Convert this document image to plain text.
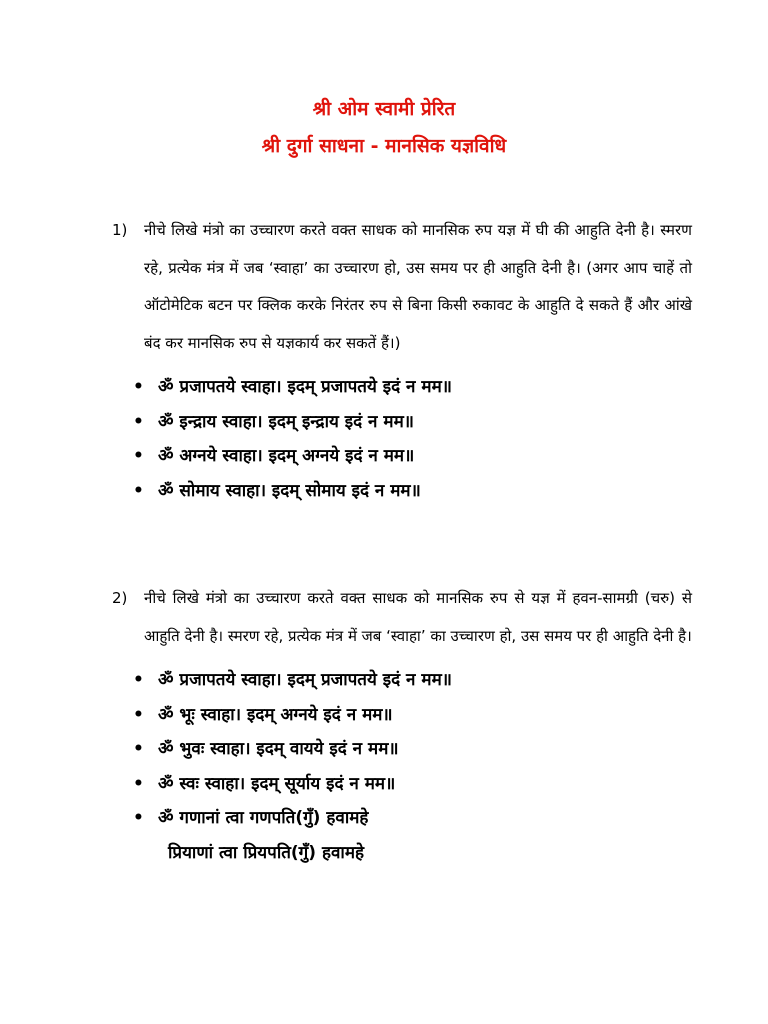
श्री ओम स्वामी प्रेरित
श्री दुर्गा साधना - मानसिक यज्ञविधि
1) नीचे लिखे मंत्रो का उच्चारण करते वक्त साधक को मानसिक रुप यज्ञ में घी की आहुति देनी है। स्मरण रहे, प्रत्येक मंत्र में जब ‘स्वाहा’ का उच्चारण हो, उस समय पर ही आहुति देनी है। (अगर आप चाहें तो ऑटोमेटिक बटन पर क्लिक करके निरंतर रुप से बिना किसी रुकावट के आहुति दे सकते हैं और आंखे बंद कर मानसिक रुप से यज्ञकार्य कर सकतें हैं।)

• ॐ प्रजापतये स्वाहा। इदम् प्रजापतये इदं न मम॥
• ॐ इन्द्राय स्वाहा। इदम् इन्द्राय इदं न मम॥
• ॐ अग्नये स्वाहा। इदम् अग्नये इदं न मम॥
• ॐ सोमाय स्वाहा। इदम् सोमाय इदं न मम॥
2) नीचे लिखे मंत्रो का उच्चारण करते वक्त साधक को मानसिक रुप से यज्ञ में हवन-सामग्री (चरु) से आहुति देनी है। स्मरण रहे, प्रत्येक मंत्र में जब ‘स्वाहा’ का उच्चारण हो, उस समय पर ही आहुति देनी है।

• ॐ प्रजापतये स्वाहा। इदम् प्रजापतये इदं न मम॥
• ॐ भूः स्वाहा। इदम् अग्नये इदं न मम॥
• ॐ भुवः स्वाहा। इदम् वायये इदं न मम॥
• ॐ स्वः स्वाहा। इदम् सूर्याय इदं न मम॥
• ॐ गणानां त्वा गणपति(गुँ) हवामहे
प्रियाणां त्वा प्रियपति(गुँ) हवामहे
